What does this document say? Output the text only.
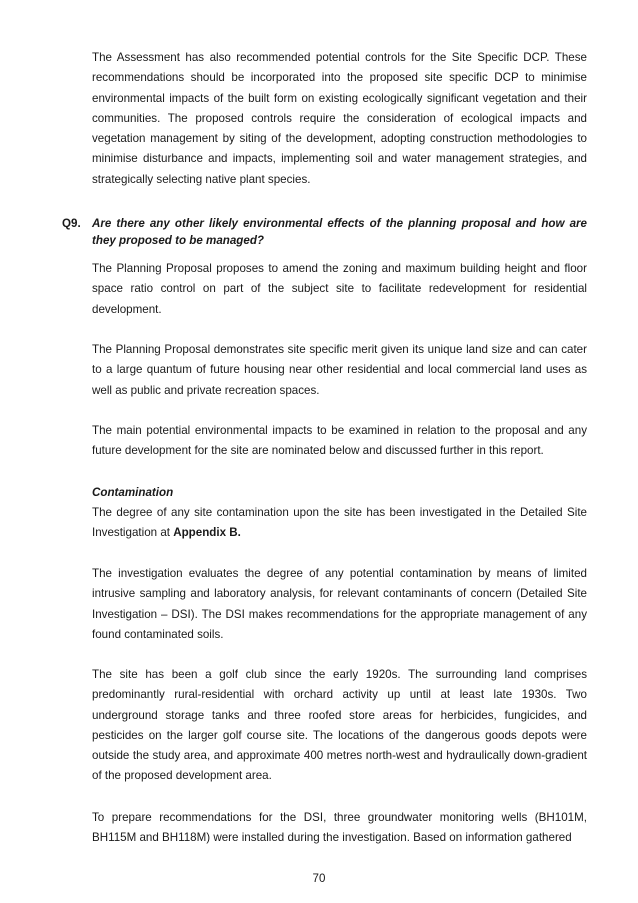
The Assessment has also recommended potential controls for the Site Specific DCP. These recommendations should be incorporated into the proposed site specific DCP to minimise environmental impacts of the built form on existing ecologically significant vegetation and their communities. The proposed controls require the consideration of ecological impacts and vegetation management by siting of the development, adopting construction methodologies to minimise disturbance and impacts, implementing soil and water management strategies, and strategically selecting native plant species.

Q9. Are there any other likely environmental effects of the planning proposal and how are they proposed to be managed?

The Planning Proposal proposes to amend the zoning and maximum building height and floor space ratio control on part of the subject site to facilitate redevelopment for residential development.

The Planning Proposal demonstrates site specific merit given its unique land size and can cater to a large quantum of future housing near other residential and local commercial land uses as well as public and private recreation spaces.

The main potential environmental impacts to be examined in relation to the proposal and any future development for the site are nominated below and discussed further in this report.

Contamination

The degree of any site contamination upon the site has been investigated in the Detailed Site Investigation at Appendix B.

The investigation evaluates the degree of any potential contamination by means of limited intrusive sampling and laboratory analysis, for relevant contaminants of concern (Detailed Site Investigation – DSI). The DSI makes recommendations for the appropriate management of any found contaminated soils.

The site has been a golf club since the early 1920s. The surrounding land comprises predominantly rural-residential with orchard activity up until at least late 1930s. Two underground storage tanks and three roofed store areas for herbicides, fungicides, and pesticides on the larger golf course site. The locations of the dangerous goods depots were outside the study area, and approximate 400 metres north-west and hydraulically down-gradient of the proposed development area.

To prepare recommendations for the DSI, three groundwater monitoring wells (BH101M, BH115M and BH118M) were installed during the investigation. Based on information gathered

70
